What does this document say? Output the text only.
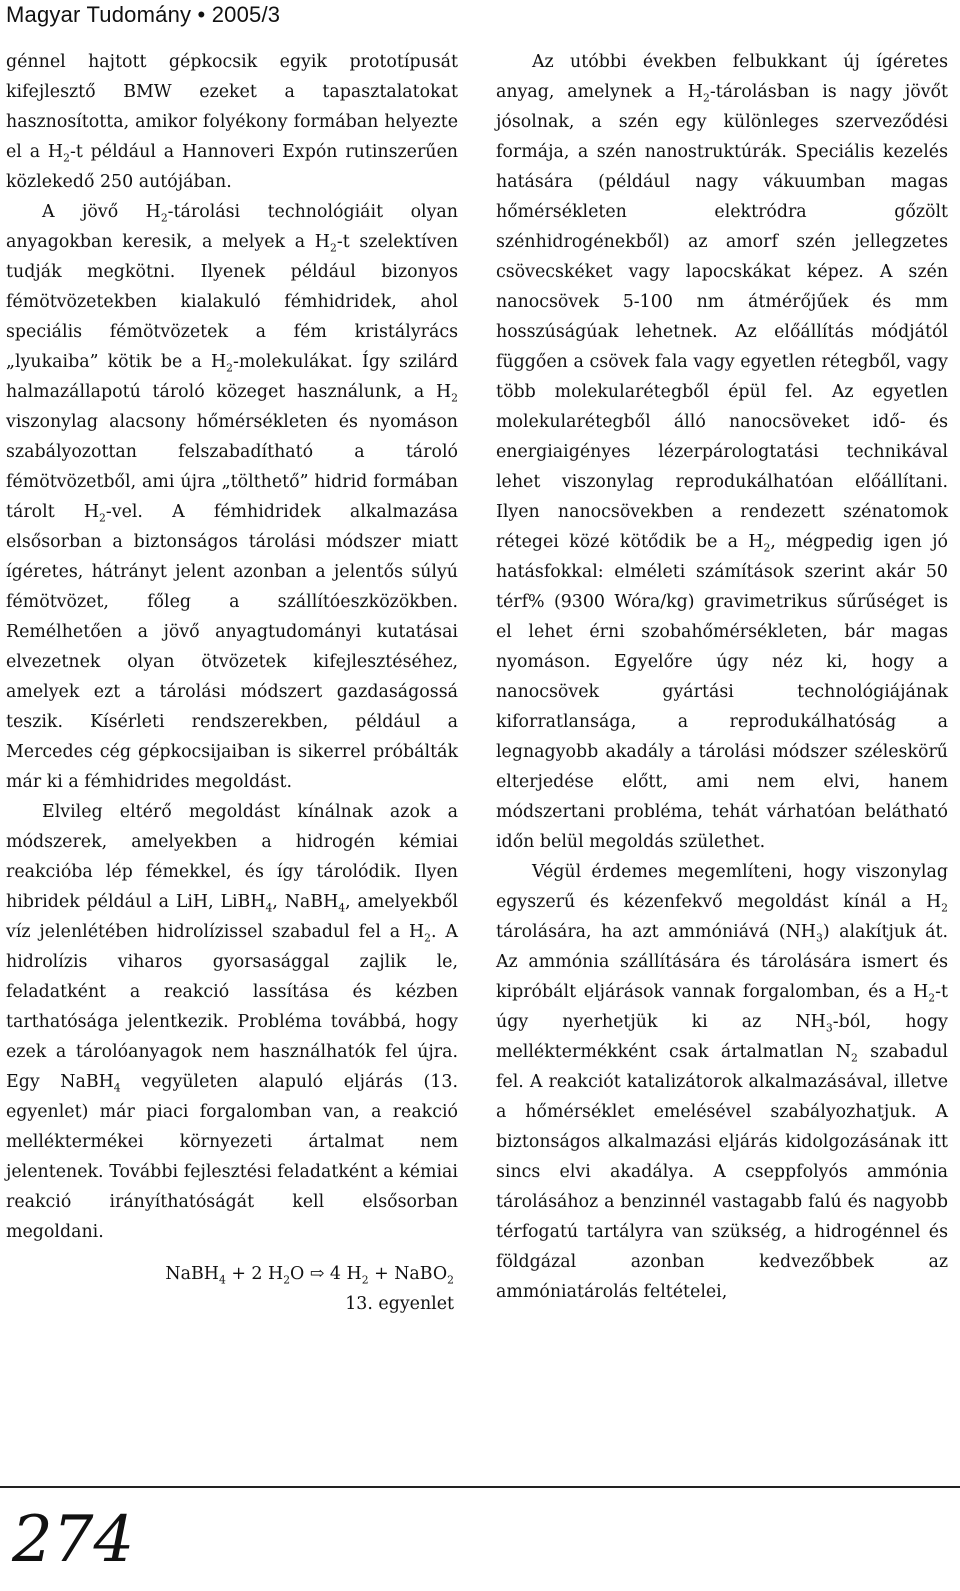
Magyar Tudomány • 2005/3

génnel hajtott gépkocsik egyik prototípusát kifejlesztő BMW ezeket a tapasztalatokat hasznosította, amikor folyékony formában helyezte el a $H_2-t$ például a Hannoveri Expón rutinszerűen közlekedő 250 autójában.

A jövő $H_2$-tárolási technológiáit olyan anyagokban keresik, a melyek a $H_2-t$ szelektíven tudják megkötni. Ilyenek például bizonyos fémötvözetekben kialakuló fémhidridek, ahol speciális fémötvözetek a fém kristályrács „lyukaiba” kötik be a $H_2$-molekulákat. Így szilárd halmazállapotú tároló közeget használunk, a $H_2$ viszonylag alacsony hőmérsékleten és nyomáson szabályozottan felszabadítható a tároló fémötvözetből, ami újra „tölthető” hidrid formában tárolt $H_2$-vel. A fémhidridek alkalmazása elsősorban a biztonságos tárolási módszer miatt ígéretes, hátrányt jelent azonban a jelentős súlyú fémötvözet, főleg a szállítóeszközökben. Remélhetően a jövő anyagtudományi kutatásai elvezetnek olyan ötvözetek kifejlesztéséhez, amelyek ezt a tárolási módszert gazdaságossá teszik. Kísérleti rendszerekben, például a Mercedes cég gépkocsijaiban is sikerrel próbálták már ki a fémhidrides megoldást.

Elvileg eltérő megoldást kínálnak azok a módszerek, amelyekben a hidrogén kémiai reakcióba lép fémekkel, és így tárolódik. Ilyen hibridek például a LiH, LiBH$_4$, NaBH$_4$, amelyekből víz jelenlétében hidrolízissel szabadul fel a $H_2$. A hidrolízis viharos gyorsasággal zajlik le, feladatként a reakció lassítása és kézben tarthatósága jelentkezik. Probléma továbbá, hogy ezek a tárolóanyagok nem használhatók fel újra. Egy NaBH$_4$ vegyületen alapuló eljárás (13. egyenlet) már piaci forgalomban van, a reakció melléktermékei környezeti ártalmat nem jelentenek. További fejlesztési feladatként a kémiai reakció irányíthatóságát kell elsősorban megoldani.

NaBH$_4$ + 2 $H_2O$ ⇨ 4 $H_2$ + NaBO$_2$
13. egyenlet

Az utóbbi években felbukkant új ígéretes anyag, amelynek a $H_2$-tárolásban is nagy jövőt jósolnak, a szén egy különleges szerveződési formája, a szén nanostruktúrák. Speciális kezelés hatására (például nagy vákuumban magas hőmérsékleten elektródra gőzölt szénhidrogénekből) az amorf szén jellegzetes csövecskéket vagy lapocskákat képez. A szén nanocsövek 5-100 nm átmérőjűek és mm hosszúságúak lehetnek. Az előállítás módjától függően a csövek fala vagy egyetlen rétegből, vagy több molekularétegből épül fel. Az egyetlen molekularétegből álló nanocsöveket idő- és energiaigényes lézerpárologtatási technikával lehet viszonylag reprodukálhatóan előállítani. Ilyen nanocsövekben a rendezett szénatomok rétegei közé kötődik be a $H_2$, mégpedig igen jó hatásfokkal: elméleti számítások szerint akár 50 térf% (9300 Wóra/kg) gravimetrikus sűrűséget is el lehet érni szobahőmérsékleten, bár magas nyomáson. Egyelőre úgy néz ki, hogy a nanocsövek gyártási technológiájának kiforratlansága, a reprodukálhatóság a legnagyobb akadály a tárolási módszer széleskörű elterjedése előtt, ami nem elvi, hanem módszertani probléma, tehát várhatóan belátható időn belül megoldás születhet.

Végül érdemes megemlíteni, hogy viszonylag egyszerű és kézenfekvő megoldást kínál a $H_2$ tárolására, ha azt ammóniává $(NH_3)$ alakítjuk át. Az ammónia szállítására és tárolására ismert és kipróbált eljárások vannak forgalomban, és a $H_2-t$ úgy nyerhetjük ki az $NH_3$-ból, hogy melléktermékként csak ártalmatlan $N_2$ szabadul fel. A reakciót katalizátorok alkalmazásával, illetve a hőmérséklet emelésével szabályozhatjuk. A biztonságos alkalmazási eljárás kidolgozásának itt sincs elvi akadálya. A cseppfolyós ammónia tárolásához a benzinnél vastagabb falú és nagyobb térfogatú tartályra van szükség, a hidrogénnel és földgázal azonban kedvezőbbek az ammóniatárolás feltételei,

274
